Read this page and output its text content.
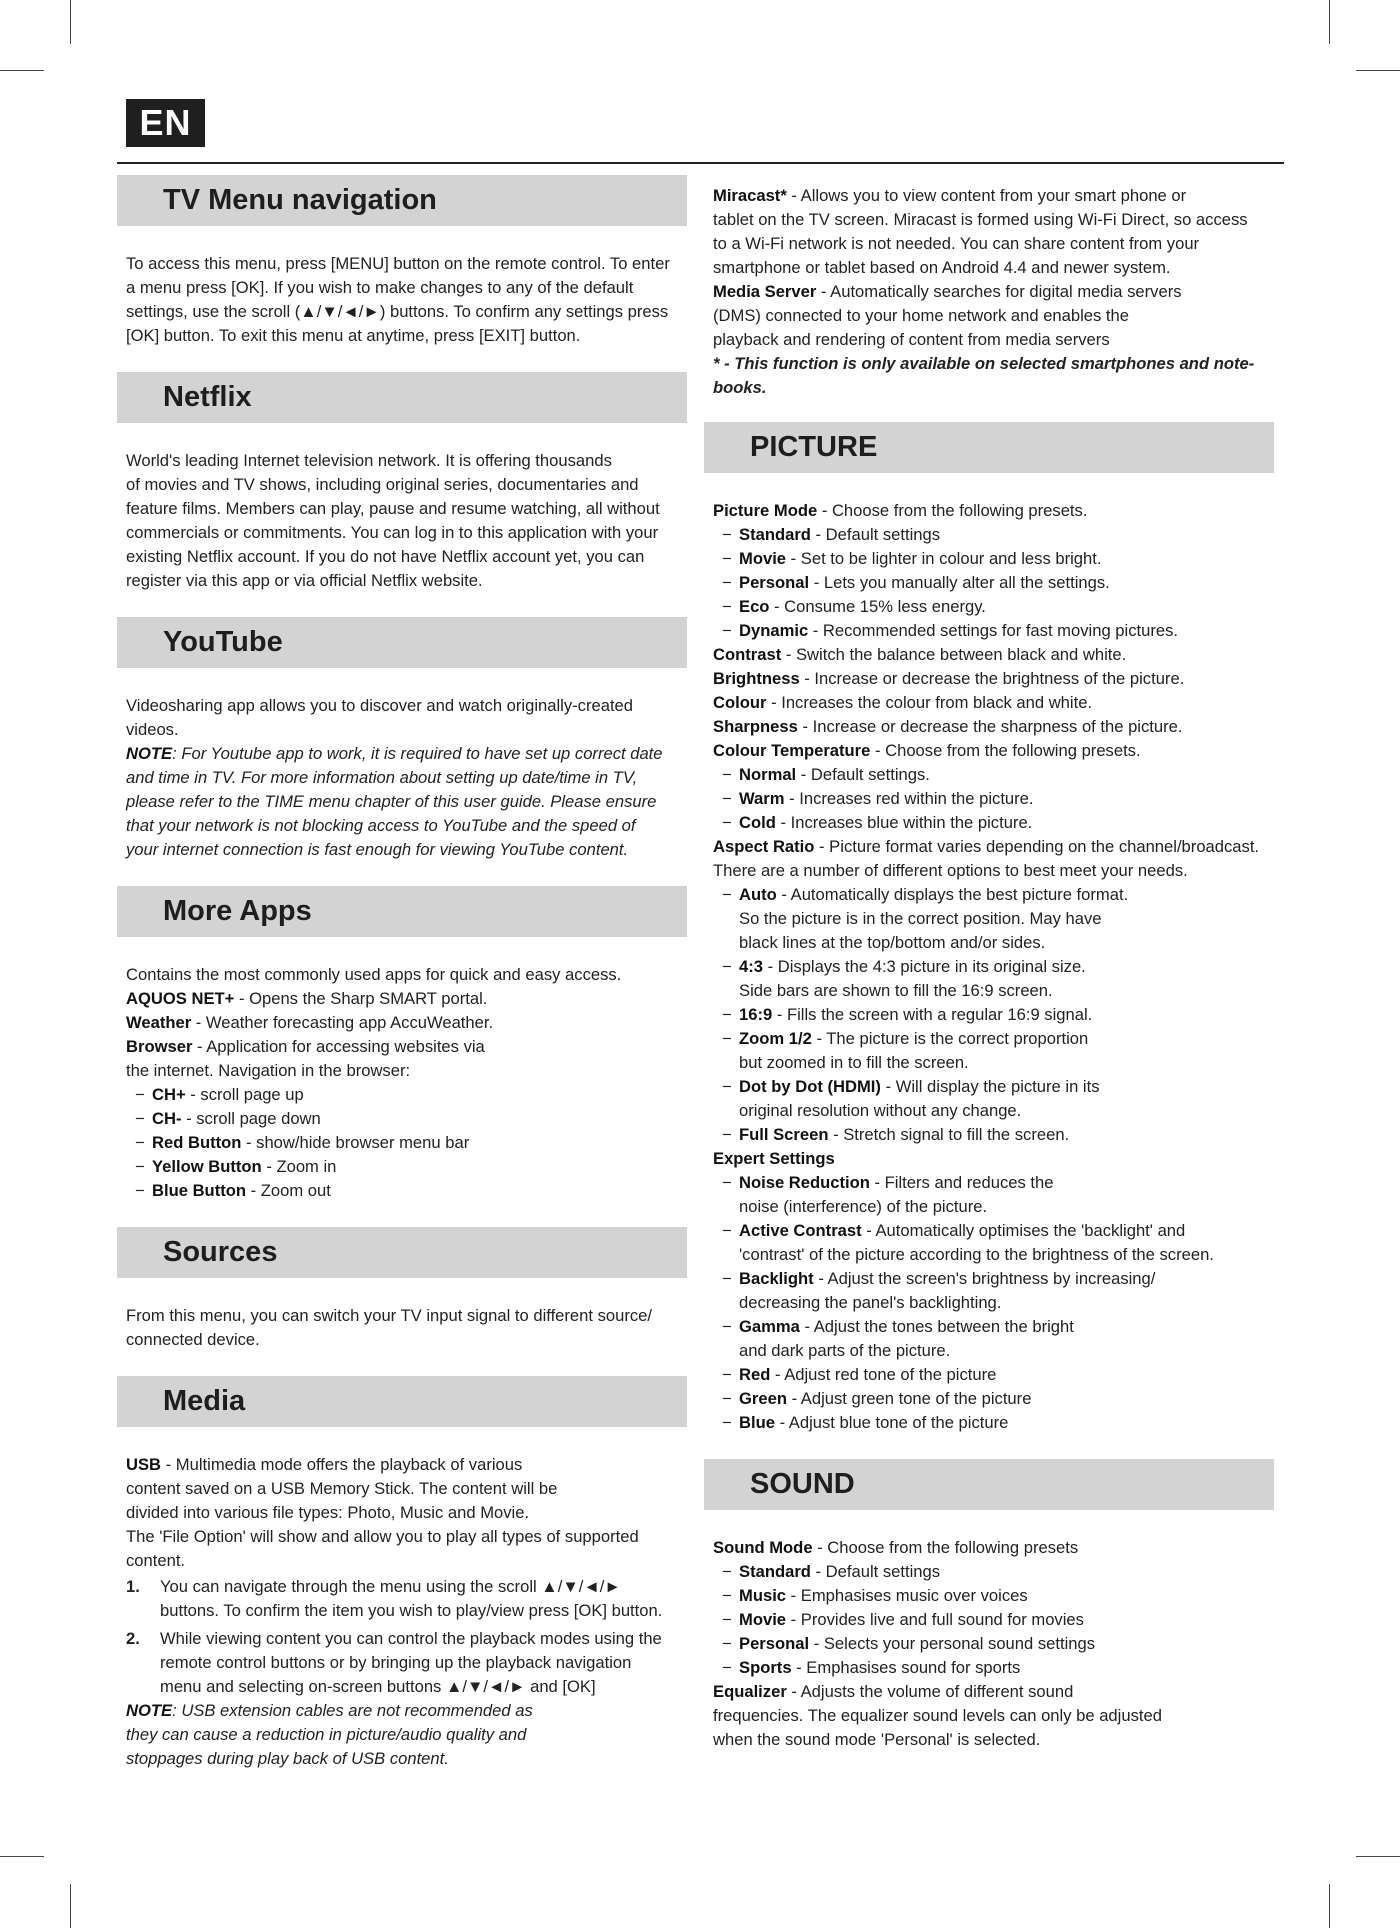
EN
TV Menu navigation

To access this menu, press [MENU] button on the remote control. To enter

a menu press [OK]. If you wish to make changes to any of the default

settings, use the scroll (▲/▼/◄/►) buttons. To confirm any settings press

[OK] button. To exit this menu at anytime, press [EXIT] button.

Netflix

World's leading Internet television network. It is offering thousands

of movies and TV shows, including original series, documentaries and

feature films. Members can play, pause and resume watching, all without

commercials or commitments. You can log in to this application with your

existing Netflix account. If you do not have Netflix account yet, you can

register via this app or via official Netflix website.

YouTube

Videosharing app allows you to discover and watch originally-created

videos.

NOTE: For Youtube app to work, it is required to have set up correct date

and time in TV. For more information about setting up date/time in TV,

please refer to the TIME menu chapter of this user guide. Please ensure

that your network is not blocking access to YouTube and the speed of

your internet connection is fast enough for viewing YouTube content.

More Apps

Contains the most commonly used apps for quick and easy access.

AQUOS NET+ - Opens the Sharp SMART portal.

Weather - Weather forecasting app AccuWeather.

Browser - Application for accessing websites via

the internet. Navigation in the browser:

− CH+ - scroll page up

− CH- - scroll page down

− Red Button - show/hide browser menu bar

− Yellow Button - Zoom in

− Blue Button - Zoom out

Sources

From this menu, you can switch your TV input signal to different source/

connected device.

Media

USB - Multimedia mode offers the playback of various

content saved on a USB Memory Stick. The content will be

divided into various file types: Photo, Music and Movie.

The 'File Option' will show and allow you to play all types of supported

content.

1.	You can navigate through the menu using the scroll ▲/▼/◄/►

buttons. To confirm the item you wish to play/view press [OK] button.

2.	While viewing content you can control the playback modes using the

remote control buttons or by bringing up the playback navigation

menu and selecting on-screen buttons ▲/▼/◄/► and [OK]

NOTE: USB extension cables are not recommended as

they can cause a reduction in picture/audio quality and

stoppages during play back of USB content.

Miracast* - Allows you to view content from your smart phone or

tablet on the TV screen. Miracast is formed using Wi-Fi Direct, so access

to a Wi-Fi network is not needed. You can share content from your

smartphone or tablet based on Android 4.4 and newer system.

Media Server - Automatically searches for digital media servers

(DMS) connected to your home network and enables the

playback and rendering of content from media servers

* - This function is only available on selected smartphones and note-

books.

PICTURE

Picture Mode - Choose from the following presets.

− Standard - Default settings

− Movie - Set to be lighter in colour and less bright.

− Personal - Lets you manually alter all the settings.

− Eco - Consume 15% less energy.

− Dynamic - Recommended settings for fast moving pictures.

Contrast - Switch the balance between black and white.

Brightness - Increase or decrease the brightness of the picture.

Colour - Increases the colour from black and white.

Sharpness - Increase or decrease the sharpness of the picture.

Colour Temperature - Choose from the following presets.

− Normal - Default settings.

− Warm - Increases red within the picture.

− Cold - Increases blue within the picture.

Aspect Ratio - Picture format varies depending on the channel/broadcast.

There are a number of different options to best meet your needs.

− Auto - Automatically displays the best picture format.

So the picture is in the correct position. May have

black lines at the top/bottom and/or sides.

− 4:3 - Displays the 4:3 picture in its original size.

Side bars are shown to fill the 16:9 screen.

− 16:9 - Fills the screen with a regular 16:9 signal.

− Zoom 1/2 - The picture is the correct proportion

but zoomed in to fill the screen.

− Dot by Dot (HDMI) - Will display the picture in its

original resolution without any change.

− Full Screen - Stretch signal to fill the screen.

Expert Settings

− Noise Reduction - Filters and reduces the

noise (interference) of the picture.

− Active Contrast - Automatically optimises the 'backlight' and

'contrast' of the picture according to the brightness of the screen.

− Backlight - Adjust the screen's brightness by increasing/

decreasing the panel's backlighting.

− Gamma - Adjust the tones between the bright

and dark parts of the picture.

− Red - Adjust red tone of the picture

− Green - Adjust green tone of the picture

− Blue - Adjust blue tone of the picture

SOUND

Sound Mode - Choose from the following presets

− Standard - Default settings

− Music - Emphasises music over voices

− Movie - Provides live and full sound for movies

− Personal - Selects your personal sound settings

− Sports - Emphasises sound for sports

Equalizer - Adjusts the volume of different sound

frequencies. The equalizer sound levels can only be adjusted

when the sound mode 'Personal' is selected.
